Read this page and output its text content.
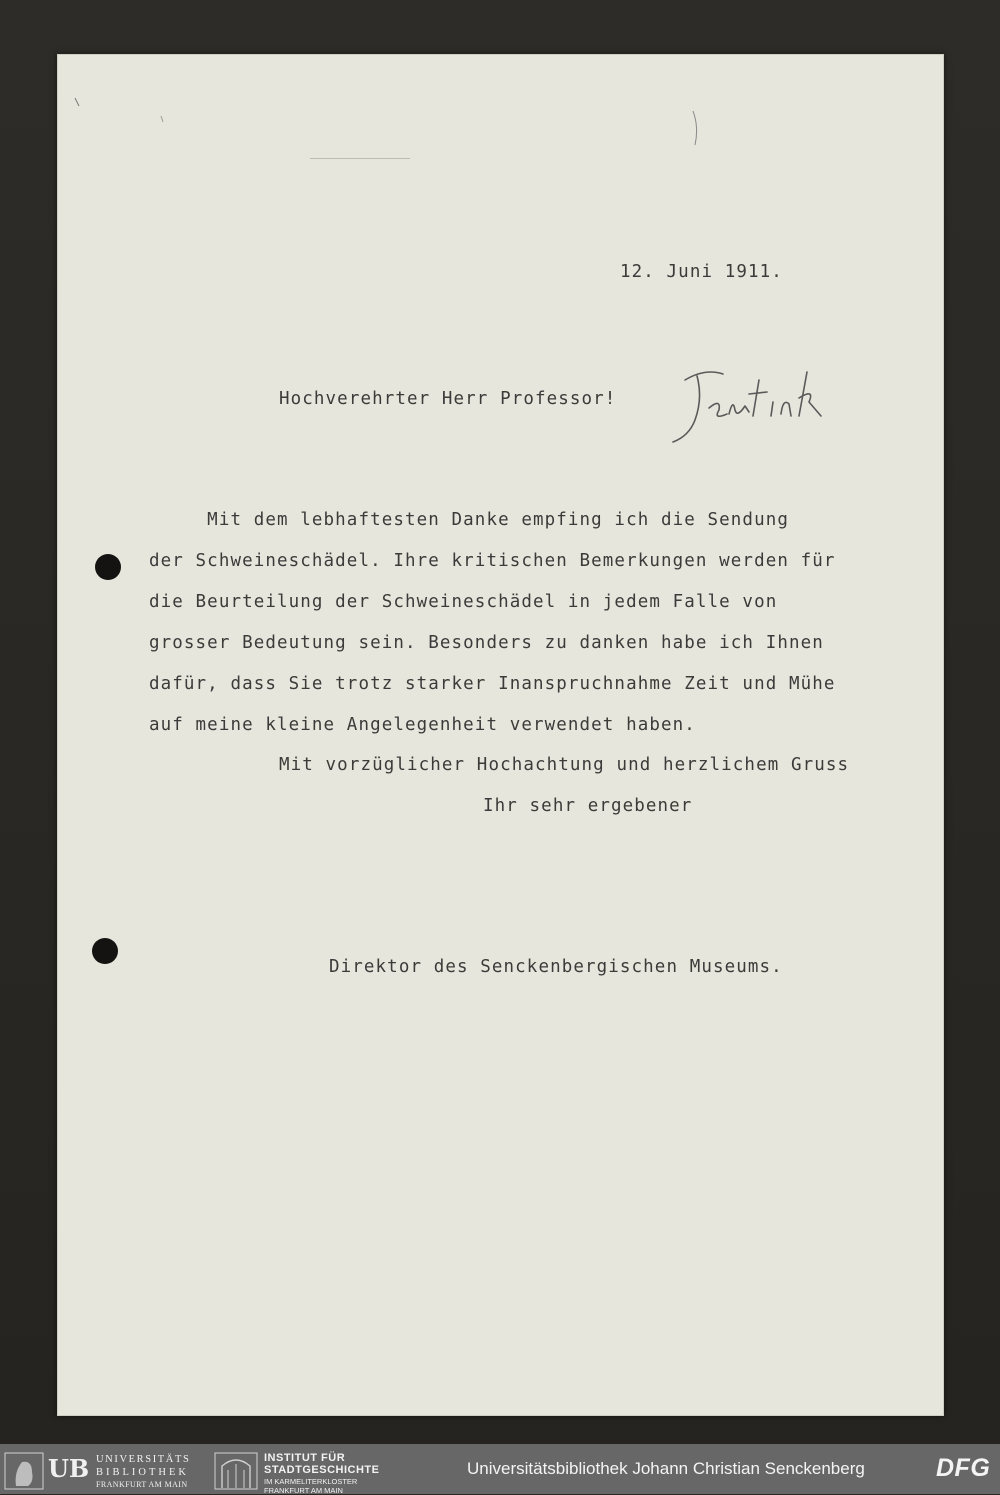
12. Juni 1911.
Hochverehrter Herr Professor!
Mit dem lebhaftesten Danke empfing ich die Sendung
der Schweineschädel. Ihre kritischen Bemerkungen werden für
die Beurteilung der Schweineschädel in jedem Falle von
grosser Bedeutung sein. Besonders zu danken habe ich Ihnen
dafür, dass Sie trotz starker Inanspruchnahme Zeit und Mühe
auf meine kleine Angelegenheit verwendet haben.
Mit vorzüglicher Hochachtung und herzlichem Gruss
Ihr sehr ergebener
Direktor des Senckenbergischen Museums.
UB UNIVERSITÄTS
BIBLIOTHEK
FRANKFURT AM MAIN
INSTITUT FÜR
STADTGESCHICHTE
IM KARMELITERKLOSTER
FRANKFURT AM MAIN
Universitätsbibliothek Johann Christian Senckenberg	DFG
